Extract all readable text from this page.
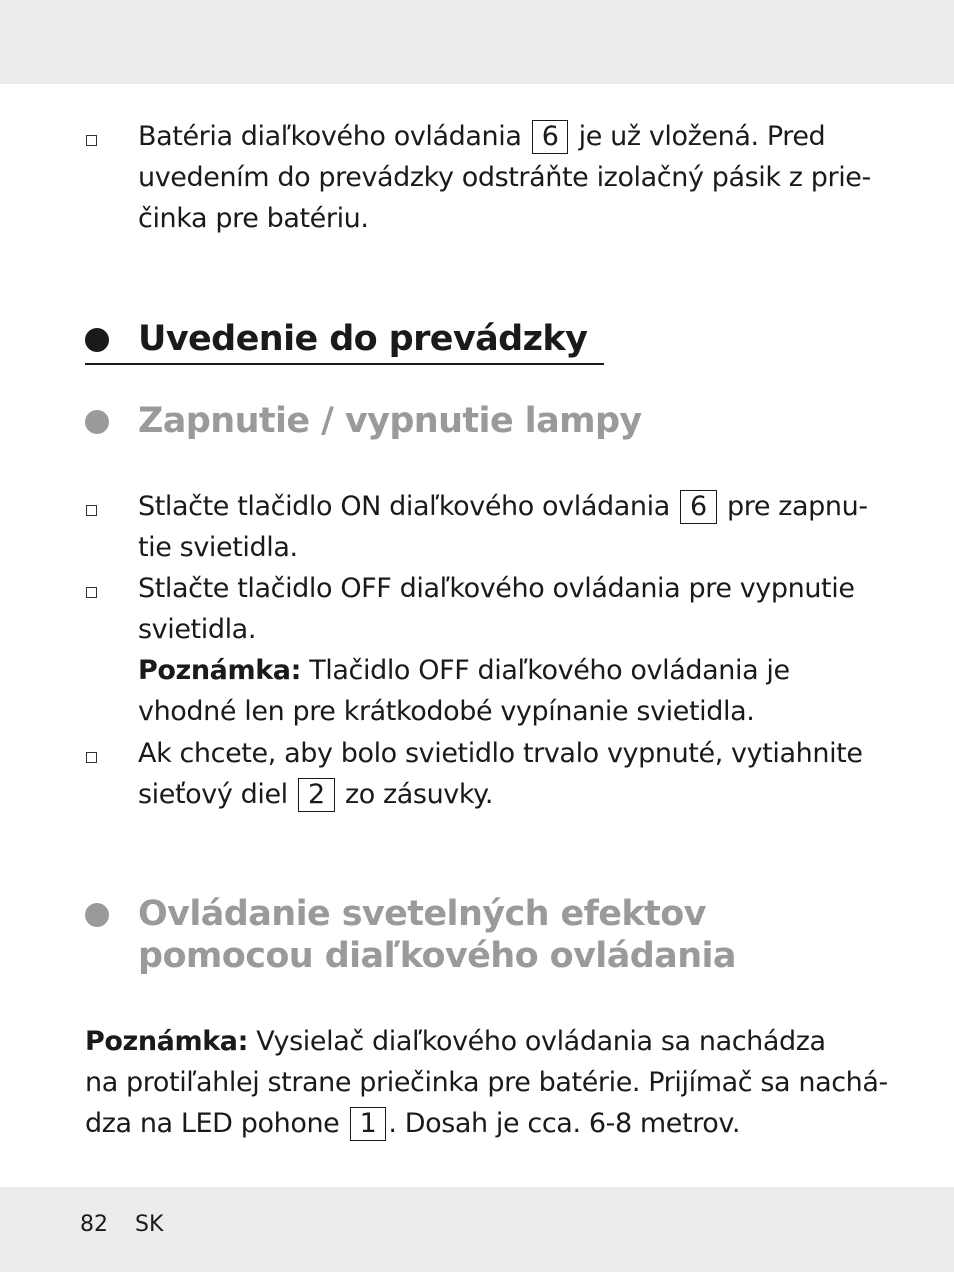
Batéria diaľkového ovládania 6 je už vložená. Pred
uvedením do prevádzky odstráňte izolačný pásik z prie-
činka pre batériu.
Uvedenie do prevádzky
Zapnutie / vypnutie lampy
Stlačte tlačidlo ON diaľkového ovládania 6 pre zapnu-
tie svietidla.
Stlačte tlačidlo OFF diaľkového ovládania pre vypnutie
svietidla.
Poznámka: Tlačidlo OFF diaľkového ovládania je
vhodné len pre krátkodobé vypínanie svietidla.
Ak chcete, aby bolo svietidlo trvalo vypnuté, vytiahnite
sieťový diel 2 zo zásuvky.
Ovládanie svetelných efektov
pomocou diaľkového ovládania
Poznámka: Vysielač diaľkového ovládania sa nachádza
na protiľahlej strane priečinka pre batérie. Prijímač sa nachá-
dza na LED pohone 1 . Dosah je cca. 6-8 metrov.
82 SK
